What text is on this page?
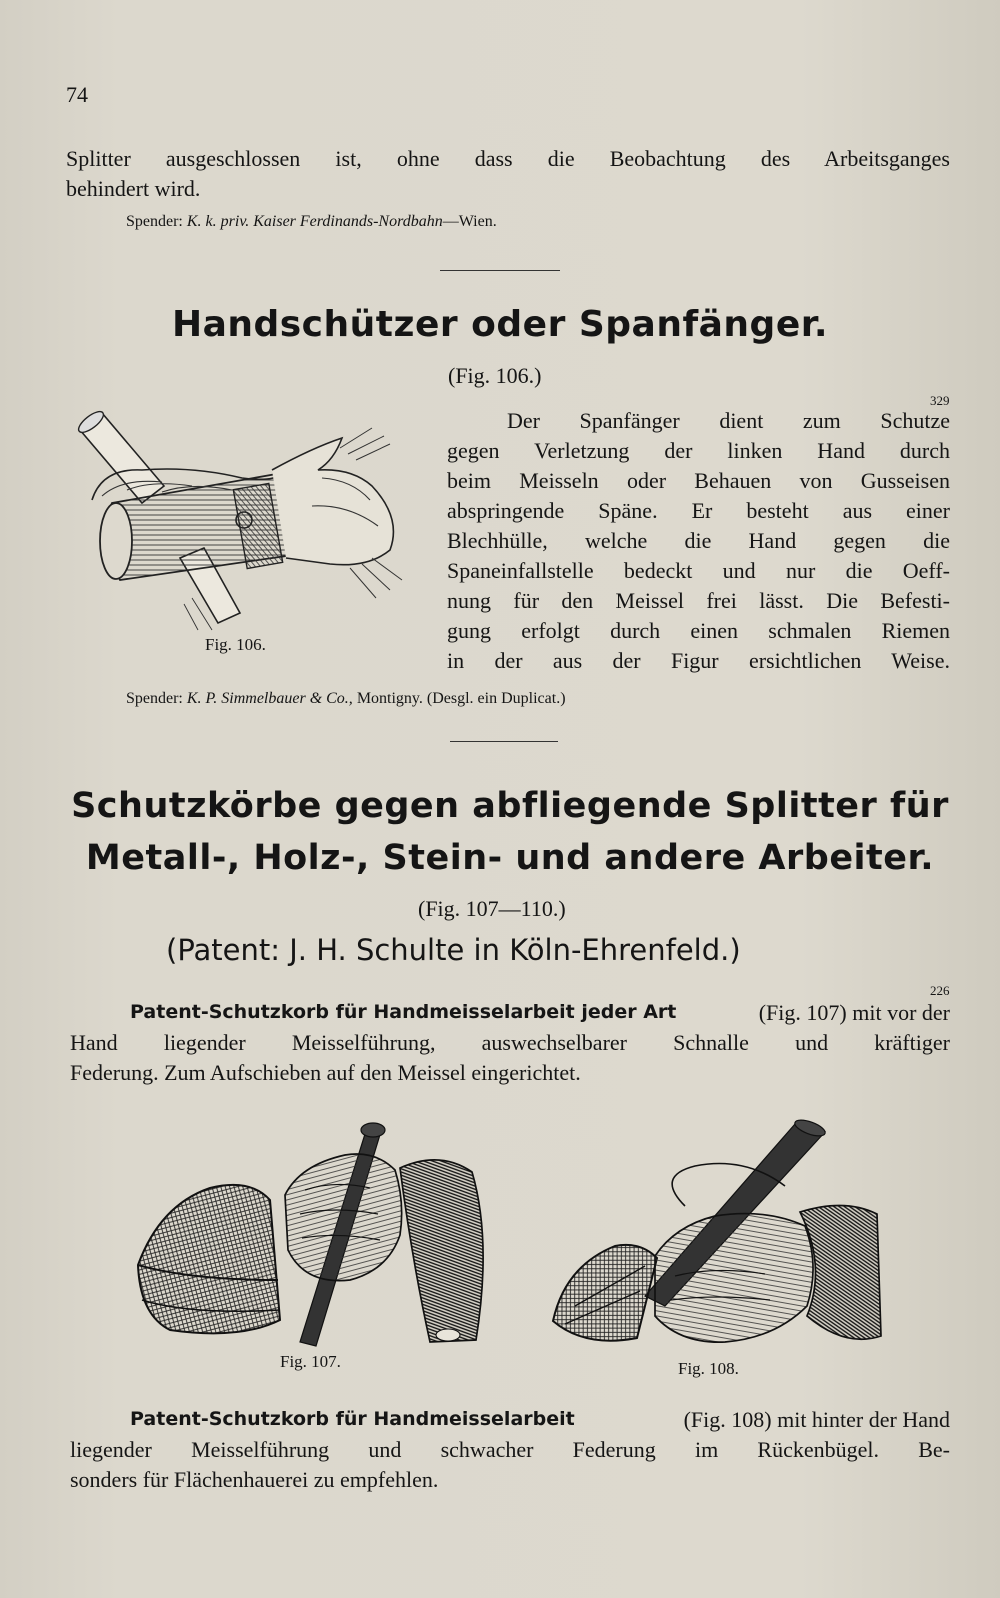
74
Splitter ausgeschlossen ist, ohne dass die Beobachtung des Arbeitsganges
behindert wird.
Spender: K. k. priv. Kaiser Ferdinands-Nordbahn—Wien.
Handschützer oder Spanfänger.
(Fig. 106.)
329
Der Spanfänger dient zum Schutze
gegen Verletzung der linken Hand durch
beim Meisseln oder Behauen von Gusseisen
abspringende Späne. Er besteht aus einer
Blechhülle, welche die Hand gegen die
Spaneinfallstelle bedeckt und nur die Oeff-
nung für den Meissel frei lässt. Die Befesti-
gung erfolgt durch einen schmalen Riemen
in der aus der Figur ersichtlichen Weise.
Fig. 106.
Spender: K. P. Simmelbauer & Co., Montigny. (Desgl. ein Duplicat.)
Schutzkörbe gegen abfliegende Splitter für
Metall-, Holz-, Stein- und andere Arbeiter.
(Fig. 107—110.)
(Patent: J. H. Schulte in Köln-Ehrenfeld.)
226
Patent-Schutzkorb für Handmeisselarbeit jeder Art	(Fig. 107) mit vor der
Hand liegender Meisselführung, auswechselbarer Schnalle und kräftiger
Federung. Zum Aufschieben auf den Meissel eingerichtet.
Fig. 107.	Fig. 108.
Patent-Schutzkorb für Handmeisselarbeit	(Fig. 108) mit hinter der Hand
liegender Meisselführung und schwacher Federung im Rückenbügel. Be-
sonders für Flächenhauerei zu empfehlen.
